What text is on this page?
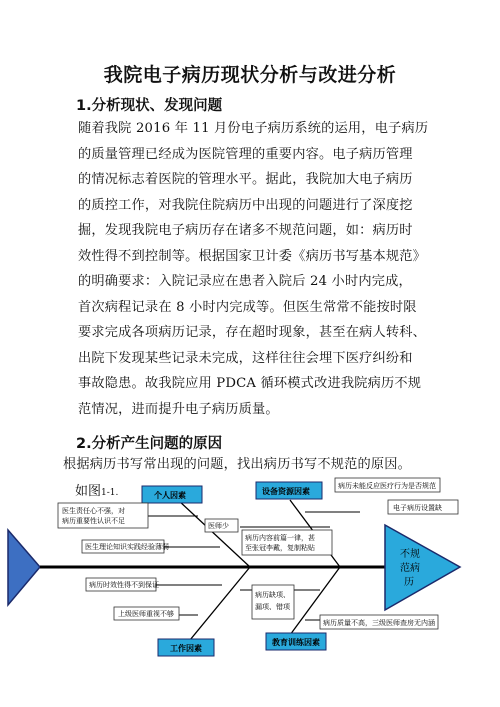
我院电子病历现状分析与改进分析
1.分析现状、发现问题
随着我院 2016 年 11 月份电子病历系统的运用，电子病历
的质量管理已经成为医院管理的重要内容。电子病历管理
的情况标志着医院的管理水平。据此，我院加大电子病历
的质控工作，对我院住院病历中出现的问题进行了深度挖
掘，发现我院电子病历存在诸多不规范问题，如：病历时
效性得不到控制等。根据国家卫计委《病历书写基本规范》
的明确要求：入院记录应在患者入院后 24 小时内完成，
首次病程记录在 8 小时内完成等。但医生常常不能按时限
要求完成各项病历记录，存在超时现象，甚至在病人转科、
出院下发现某些记录未完成，这样往往会埋下医疗纠纷和
事故隐患。故我院应用 PDCA 循环模式改进我院病历不规
范情况，进而提升电子病历质量。
2.分析产生问题的原因
根据病历书写常出现的问题，找出病历书写不规范的原因。
如图1-1.
不规
范病
历
个人因素	设备资源因素
工作因素
教育训练因素
医生责任心不强，对
病历重要性认识不足
医生理论知识实践经验薄弱
医师少
病历内容前篇一律，甚
至张冠李戴，复制粘贴
病历未能反应医疗行为是否规范
电子病历设置缺
病历时效性得不到保证
上级医师重视不够
病历缺项、
漏项、错项
病历质量不高，三级医师查房无内涵
